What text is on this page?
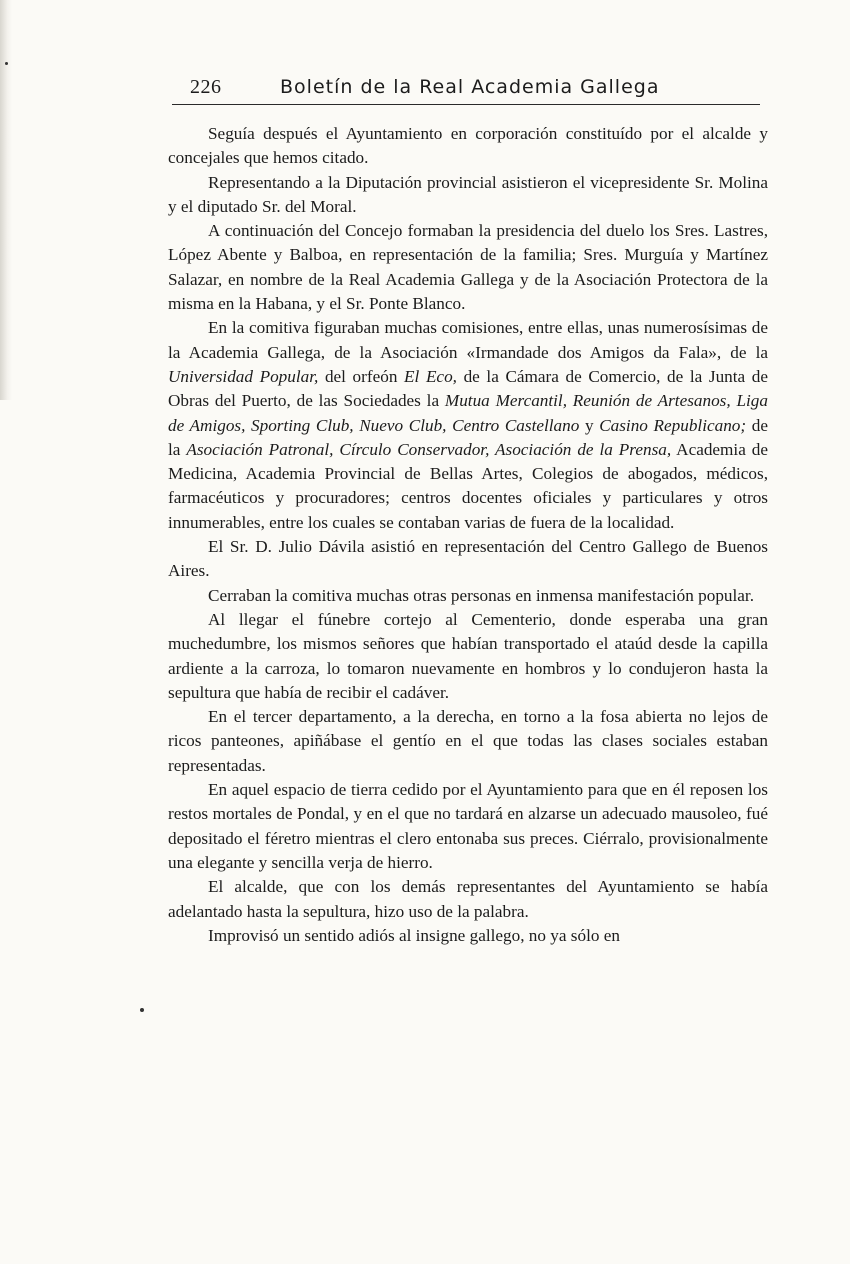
226	Boletín de la Real Academia Gallega

Seguía después el Ayuntamiento en corporación constituído por el alcalde y concejales que hemos citado.

Representando a la Diputación provincial asistieron el vicepresidente Sr. Molina y el diputado Sr. del Moral.

A continuación del Concejo formaban la presidencia del duelo los Sres. Lastres, López Abente y Balboa, en representación de la familia; Sres. Murguía y Martínez Salazar, en nombre de la Real Academia Gallega y de la Asociación Protectora de la misma en la Habana, y el Sr. Ponte Blanco.

En la comitiva figuraban muchas comisiones, entre ellas, unas numerosísimas de la Academia Gallega, de la Asociación «Irmandade dos Amigos da Fala», de la Universidad Popular, del orfeón El Eco, de la Cámara de Comercio, de la Junta de Obras del Puerto, de las Sociedades la Mutua Mercantil, Reunión de Artesanos, Liga de Amigos, Sporting Club, Nuevo Club, Centro Castellano y Casino Republicano; de la Asociación Patronal, Círculo Conservador, Asociación de la Prensa, Academia de Medicina, Academia Provincial de Bellas Artes, Colegios de abogados, médicos, farmacéuticos y procuradores; centros docentes oficiales y particulares y otros innumerables, entre los cuales se contaban varias de fuera de la localidad.

El Sr. D. Julio Dávila asistió en representación del Centro Gallego de Buenos Aires.

Cerraban la comitiva muchas otras personas en inmensa manifestación popular.

Al llegar el fúnebre cortejo al Cementerio, donde esperaba una gran muchedumbre, los mismos señores que habían transportado el ataúd desde la capilla ardiente a la carroza, lo tomaron nuevamente en hombros y lo condujeron hasta la sepultura que había de recibir el cadáver.

En el tercer departamento, a la derecha, en torno a la fosa abierta no lejos de ricos panteones, apiñábase el gentío en el que todas las clases sociales estaban representadas.

En aquel espacio de tierra cedido por el Ayuntamiento para que en él reposen los restos mortales de Pondal, y en el que no tardará en alzarse un adecuado mausoleo, fué depositado el féretro mientras el clero entonaba sus preces. Ciérralo, provisionalmente una elegante y sencilla verja de hierro.

El alcalde, que con los demás representantes del Ayuntamiento se había adelantado hasta la sepultura, hizo uso de la palabra.

Improvisó un sentido adiós al insigne gallego, no ya sólo en
